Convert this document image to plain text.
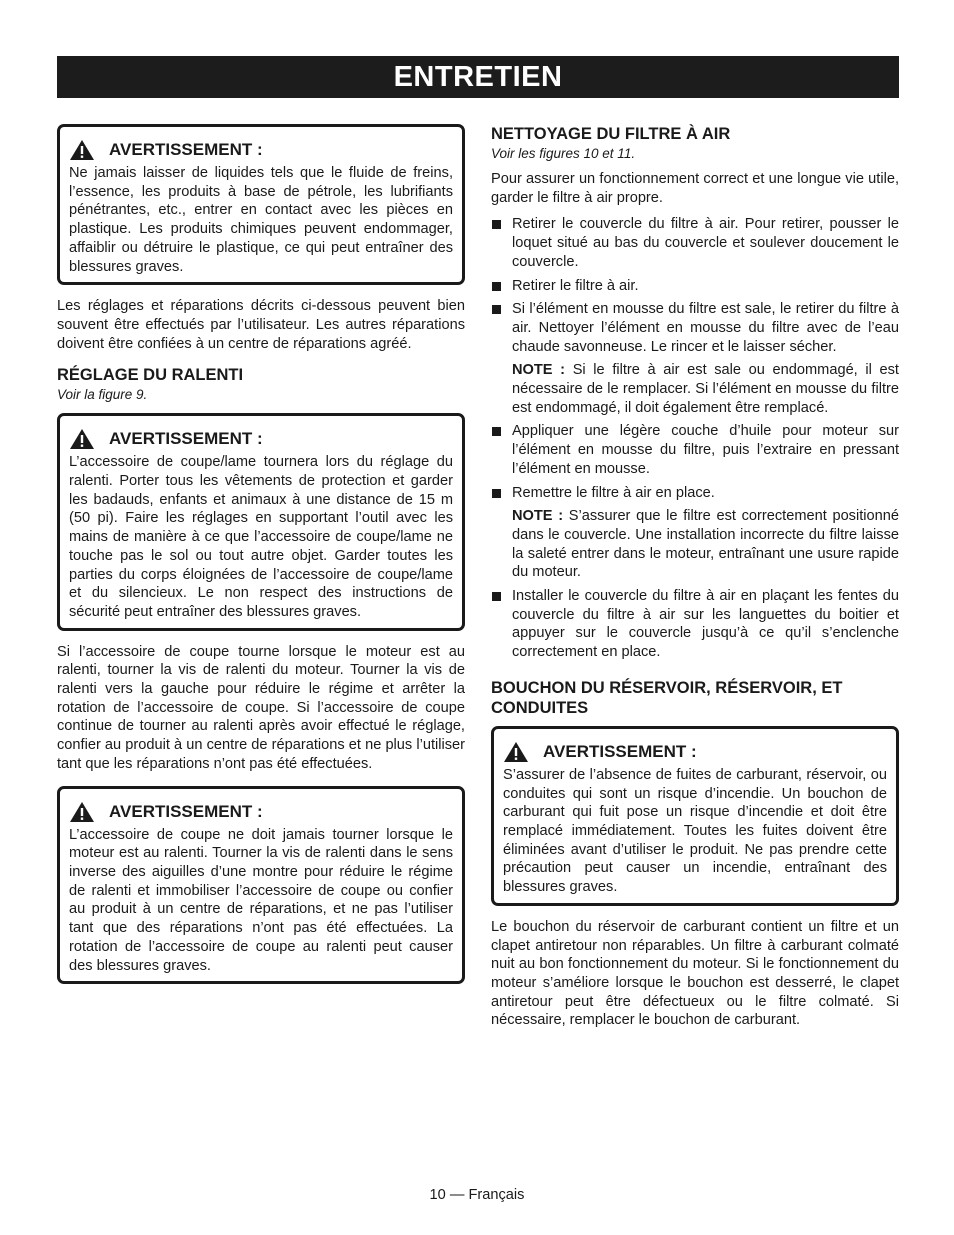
ENTRETIEN
AVERTISSEMENT :
Ne jamais laisser de liquides tels que le fluide de freins, l’essence, les produits à base de pétrole, les lubrifiants pénétrantes, etc., entrer en contact avec les pièces en plastique. Les produits chimiques peuvent endommager, affaiblir ou détruire le plastique, ce qui peut entraîner des blessures graves.

Les réglages et réparations décrits ci-dessous peuvent bien souvent être effectués par l’utilisateur. Les autres réparations doivent être confiées à un centre de réparations agréé.

RÉGLAGE DU RALENTI
Voir la figure 9.
AVERTISSEMENT :
L’accessoire de coupe/lame tournera lors du réglage du ralenti. Porter tous les vêtements de protection et garder les badauds, enfants et animaux à une distance de 15 m (50 pi). Faire les réglages en supportant l’outil avec les mains de manière à ce que l’accessoire de coupe/lame ne touche pas le sol ou tout autre objet. Garder toutes les parties du corps éloignées de l’accessoire de coupe/lame et du silencieux. Le non respect des instructions de sécurité peut entraîner des blessures graves.

Si l’accessoire de coupe tourne lorsque le moteur est au ralenti, tourner la vis de ralenti du moteur. Tourner la vis de ralenti vers la gauche pour réduire le régime et arrêter la rotation de l’accessoire de coupe. Si l’accessoire de coupe continue de tourner au ralenti après avoir effectué le réglage, confier au produit à un centre de réparations et ne plus l’utiliser tant que les réparations n’ont pas été effectuées.

AVERTISSEMENT :
L’accessoire de coupe ne doit jamais tourner lorsque le moteur est au ralenti. Tourner la vis de ralenti dans le sens inverse des aiguilles d’une montre pour réduire le régime de ralenti et immobiliser l’accessoire de coupe ou confier au produit à un centre de réparations, et ne pas l’utiliser tant que des réparations n’ont pas été effectuées. La rotation de l’accessoire de coupe au ralenti peut causer des blessures graves.
NETTOYAGE DU FILTRE À AIR
Voir les figures 10 et 11.

Pour assurer un fonctionnement correct et une longue vie utile, garder le filtre à air propre.

Retirer le couvercle du filtre à air. Pour retirer, pousser le loquet situé au bas du couvercle et soulever doucement le couvercle.
Retirer le filtre à air.
Si l’élément en mousse du filtre est sale, le retirer du filtre à air. Nettoyer l’élément en mousse du filtre avec de l’eau chaude savonneuse. Le rincer et le laisser sécher.
NOTE : Si le filtre à air est sale ou endommagé, il est nécessaire de le remplacer. Si l’élément en mousse du filtre est endommagé, il doit également être remplacé.
Appliquer une légère couche d’huile pour moteur sur l’élément en mousse du filtre, puis l’extraire en pressant l’élément en mousse.
Remettre le filtre à air en place.
NOTE : S’assurer que le filtre est correctement positionné dans le couvercle. Une installation incorrecte du filtre laisse la saleté entrer dans le moteur, entraînant une usure rapide du moteur.
Installer le couvercle du filtre à air en plaçant les fentes du couvercle du filtre à air sur les languettes du boitier et appuyer sur le couvercle jusqu’à ce qu’il s’enclenche correctement en place.
BOUCHON DU RÉSERVOIR, RÉSERVOIR, ET CONDUITES
AVERTISSEMENT :
S’assurer de l’absence de fuites de carburant, réservoir, ou conduites qui sont un risque d’incendie. Un bouchon de carburant qui fuit pose un risque d’incendie et doit être remplacé immédiatement. Toutes les fuites doivent être éliminées avant d’utiliser le produit. Ne pas prendre cette précaution peut causer un incendie, entraînant des blessures graves.

Le bouchon du réservoir de carburant contient un filtre et un clapet antiretour non réparables. Un filtre à carburant colmaté nuit au bon fonctionnement du moteur. Si le fonctionnement du moteur s’améliore lorsque le bouchon est desserré, le clapet antiretour peut être défectueux ou le filtre colmaté. Si nécessaire, remplacer le bouchon de carburant.

10 — Français
